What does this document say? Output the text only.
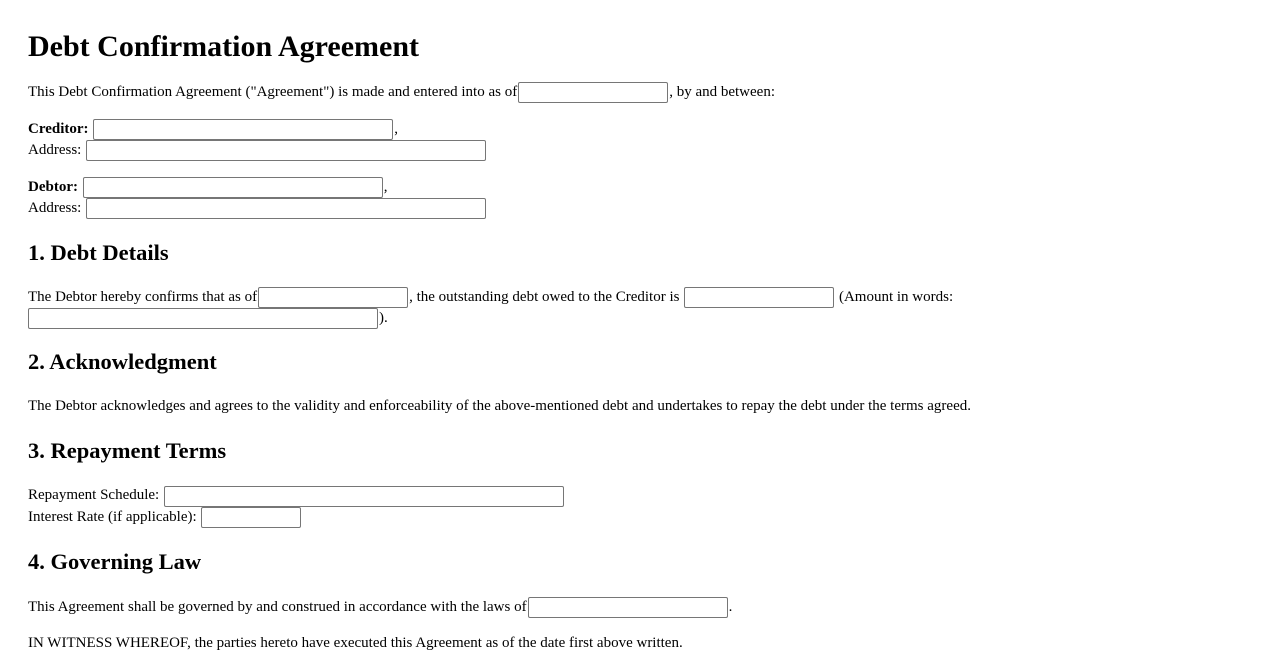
Debt Confirmation Agreement

This Debt Confirmation Agreement ("Agreement") is made and entered into as of	, by and between:

Creditor:	,
Address:

Debtor:	,
Address:

1. Debt Details

The Debtor hereby confirms that as of	, the outstanding debt owed to the Creditor is	(Amount in words:
).

2. Acknowledgment

The Debtor acknowledges and agrees to the validity and enforceability of the above-mentioned debt and undertakes to repay the debt under the terms agreed.

3. Repayment Terms

Repayment Schedule:
Interest Rate (if applicable):

4. Governing Law

This Agreement shall be governed by and construed in accordance with the laws of	.

IN WITNESS WHEREOF, the parties hereto have executed this Agreement as of the date first above written.
